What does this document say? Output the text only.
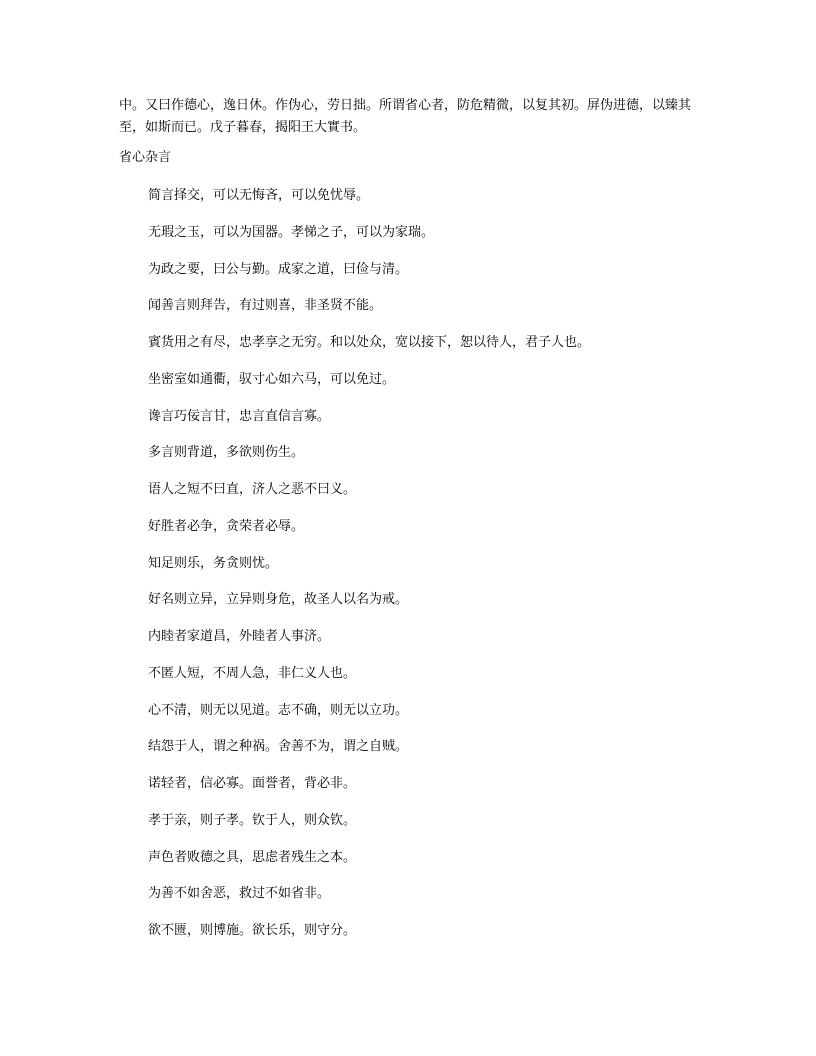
中。又曰作德心，逸日休。作伪心，劳日拙。所谓省心者，防危精微，以复其初。屏伪进德，以臻其至，如斯而已。戊子暮春，揭阳王大實书。

省心杂言
简言择交，可以无悔吝，可以免忧辱。
无瑕之玉，可以为国器。孝悌之子，可以为家瑞。
为政之要，曰公与勤。成家之道，曰俭与清。
闻善言则拜告，有过则喜，非圣贤不能。
賓货用之有尽，忠孝享之无穷。和以处众，宽以接下，恕以待人，君子人也。
坐密室如通衢，驭寸心如六马，可以免过。
谗言巧佞言甘，忠言直信言寡。
多言则背道，多欲则伤生。
语人之短不曰直，济人之恶不曰义。
好胜者必争，贪荣者必辱。
知足则乐，务贪则忧。
好名则立异，立异则身危，故圣人以名为戒。
内睦者家道昌，外睦者人事济。
不匿人短，不周人急，非仁义人也。
心不清，则无以见道。志不确，则无以立功。
结怨于人，谓之种祸。舍善不为，谓之自贼。
诺轻者，信必寡。面誉者，背必非。
孝于亲，则子孝。钦于人，则众钦。
声色者败德之具，思虑者残生之本。
为善不如舍恶，救过不如省非。
欲不匮，则博施。欲长乐，则守分。
